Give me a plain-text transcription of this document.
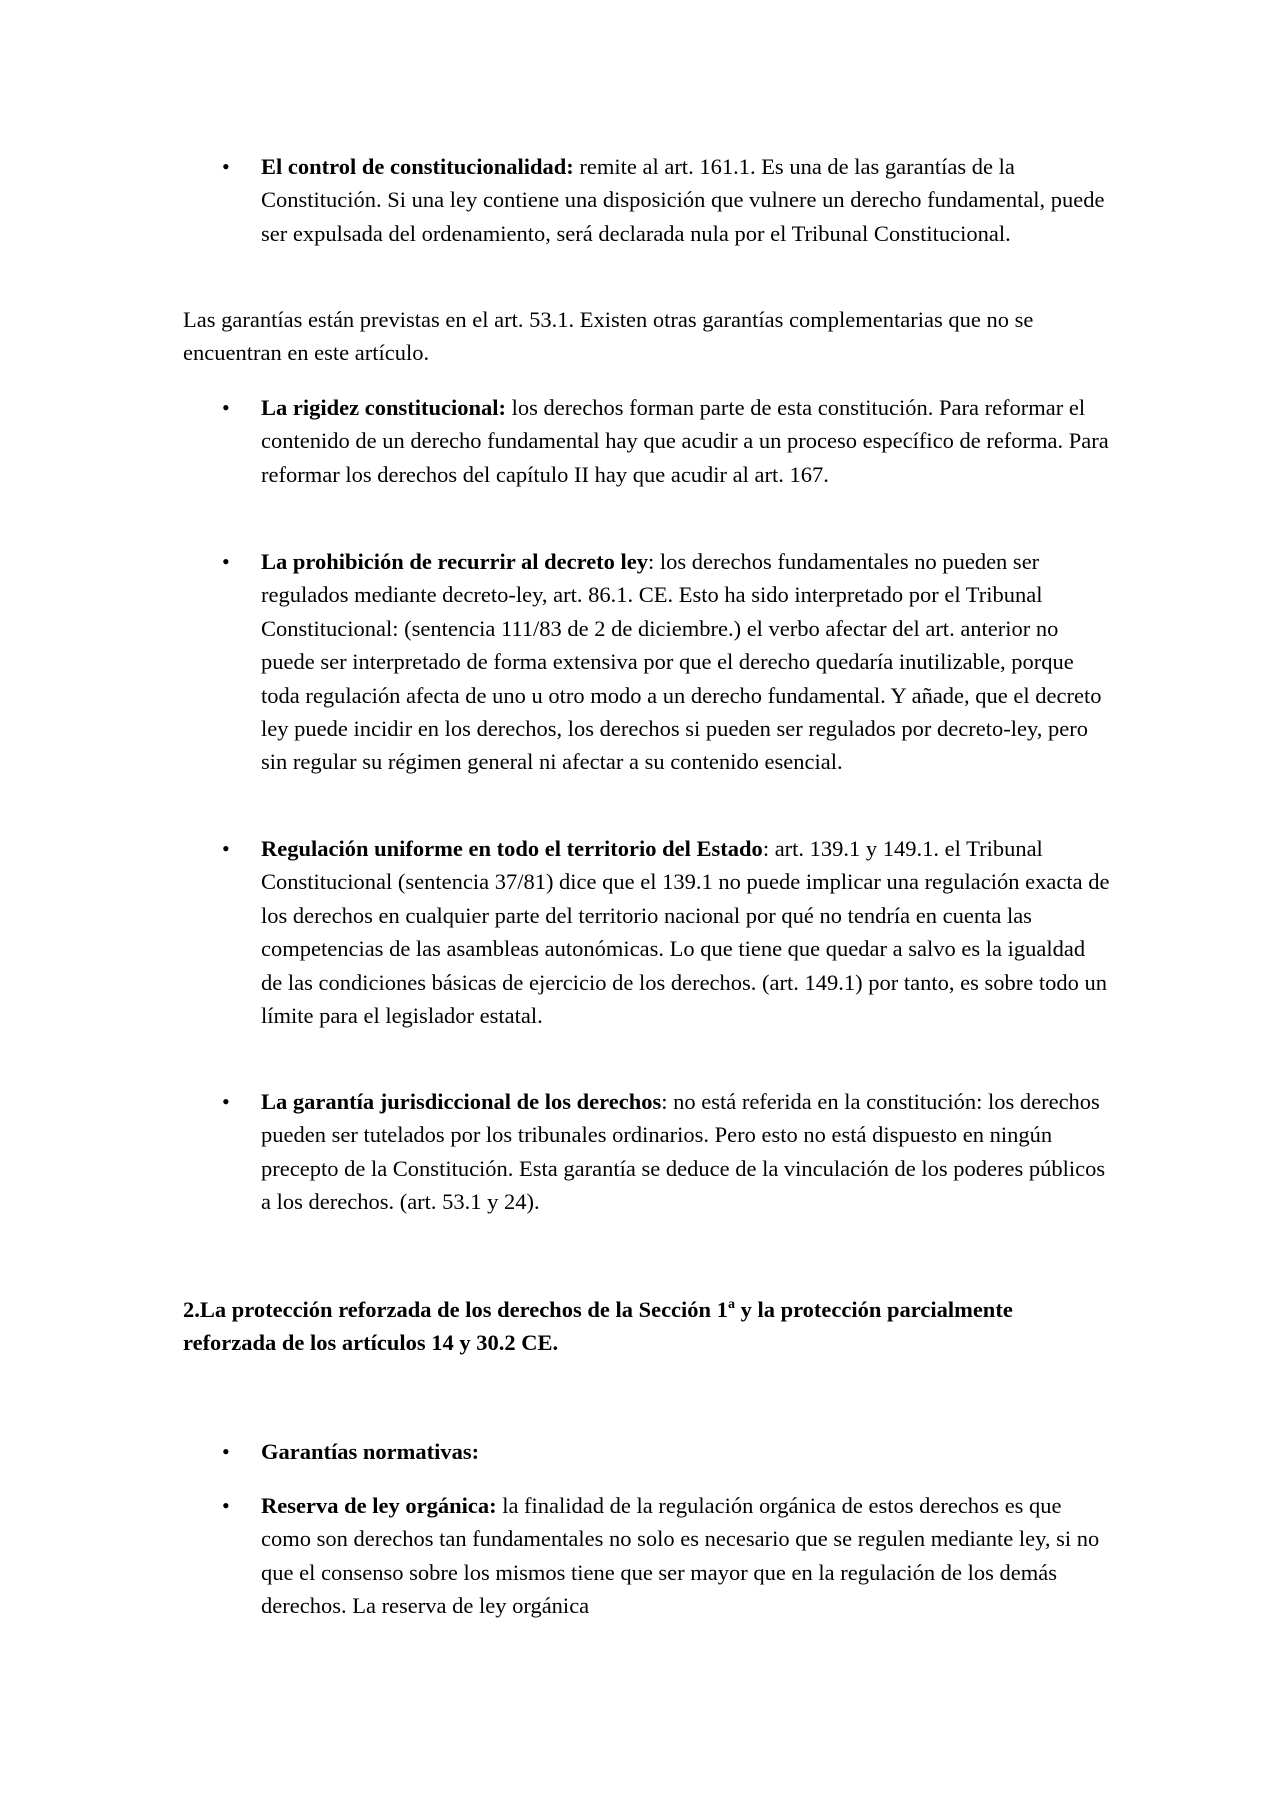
• El control de constitucionalidad: remite al art. 161.1. Es una de las garantías de la Constitución. Si una ley contiene una disposición que vulnere un derecho fundamental, puede ser expulsada del ordenamiento, será declarada nula por el Tribunal Constitucional.
Las garantías están previstas en el art. 53.1. Existen otras garantías complementarias que no se encuentran en este artículo.
• La rigidez constitucional: los derechos forman parte de esta constitución. Para reformar el contenido de un derecho fundamental hay que acudir a un proceso específico de reforma. Para reformar los derechos del capítulo II hay que acudir al art. 167.
• La prohibición de recurrir al decreto ley: los derechos fundamentales no pueden ser regulados mediante decreto-ley, art. 86.1. CE. Esto ha sido interpretado por el Tribunal Constitucional: (sentencia 111/83 de 2 de diciembre.) el verbo afectar del art. anterior no puede ser interpretado de forma extensiva por que el derecho quedaría inutilizable, porque toda regulación afecta de uno u otro modo a un derecho fundamental. Y añade, que el decreto ley puede incidir en los derechos, los derechos si pueden ser regulados por decreto-ley, pero sin regular su régimen general ni afectar a su contenido esencial.
• Regulación uniforme en todo el territorio del Estado: art. 139.1 y 149.1. el Tribunal Constitucional (sentencia 37/81) dice que el 139.1 no puede implicar una regulación exacta de los derechos en cualquier parte del territorio nacional por qué no tendría en cuenta las competencias de las asambleas autonómicas. Lo que tiene que quedar a salvo es la igualdad de las condiciones básicas de ejercicio de los derechos. (art. 149.1) por tanto, es sobre todo un límite para el legislador estatal.
• La garantía jurisdiccional de los derechos: no está referida en la constitución: los derechos pueden ser tutelados por los tribunales ordinarios. Pero esto no está dispuesto en ningún precepto de la Constitución. Esta garantía se deduce de la vinculación de los poderes públicos a los derechos. (art. 53.1 y 24).
2.La protección reforzada de los derechos de la Sección 1$^a$ y la protección parcialmente reforzada de los artículos 14 y 30.2 CE.
• Garantías normativas:
• Reserva de ley orgánica: la finalidad de la regulación orgánica de estos derechos es que como son derechos tan fundamentales no solo es necesario que se regulen mediante ley, si no que el consenso sobre los mismos tiene que ser mayor que en la regulación de los demás derechos. La reserva de ley orgánica
